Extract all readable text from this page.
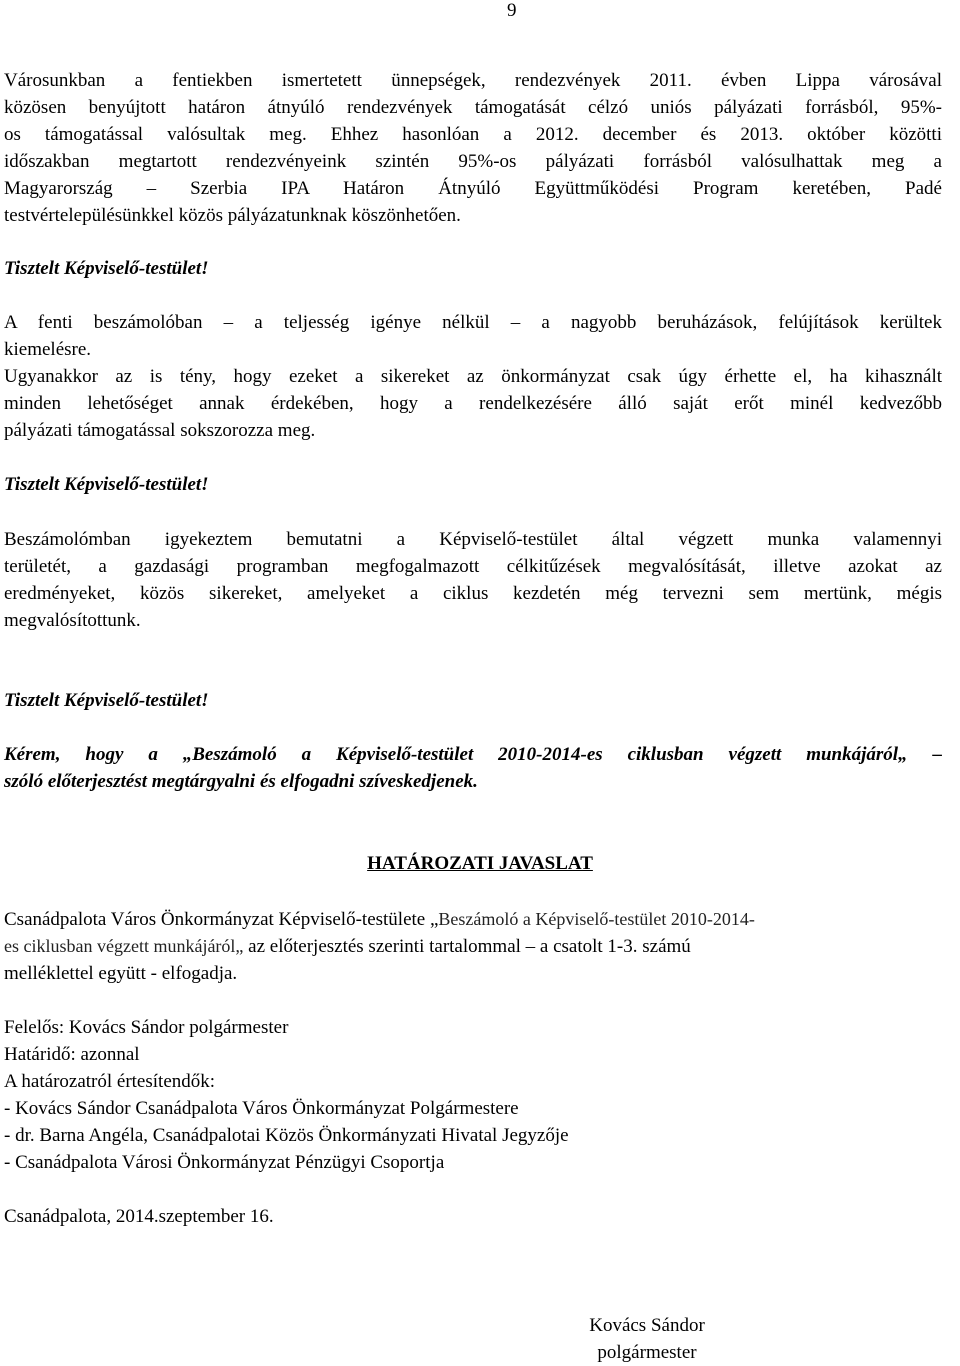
9

Városunkban a fentiekben ismertetett ünnepségek, rendezvények 2011. évben Lippa városával

közösen benyújtott határon átnyúló rendezvények támogatását célzó uniós pályázati forrásból, 95%-

os támogatással valósultak meg. Ehhez hasonlóan a 2012. december és 2013. október közötti

időszakban megtartott rendezvényeink szintén 95%-os pályázati forrásból valósulhattak meg a

Magyarország – Szerbia IPA Határon Átnyúló Együttműködési Program keretében, Padé

testvértelepülésünkkel közös pályázatunknak köszönhetően.

Tisztelt Képviselő-testület!

A fenti beszámolóban – a teljesség igénye nélkül – a nagyobb beruházások, felújítások kerültek

kiemelésre.

Ugyanakkor az is tény, hogy ezeket a sikereket az önkormányzat csak úgy érhette el, ha kihasznált

minden lehetőséget annak érdekében, hogy a rendelkezésére álló saját erőt minél kedvezőbb

pályázati támogatással sokszorozza meg.

Tisztelt Képviselő-testület!

Beszámolómban igyekeztem bemutatni a Képviselő-testület által végzett munka valamennyi

területét, a gazdasági programban megfogalmazott célkitűzések megvalósítását, illetve azokat az

eredményeket, közös sikereket, amelyeket a ciklus kezdetén még tervezni sem mertünk, mégis

megvalósítottunk.

Tisztelt Képviselő-testület!

Kérem, hogy a „Beszámoló a Képviselő-testület 2010-2014-es ciklusban végzett munkájáról„ –

szóló előterjesztést megtárgyalni és elfogadni szíveskedjenek.

HATÁROZATI JAVASLAT

Csanádpalota Város Önkormányzat Képviselő-testülete „Beszámoló a Képviselő-testület 2010-2014-

es ciklusban végzett munkájáról„ az előterjesztés szerinti tartalommal – a csatolt 1-3. számú

melléklettel együtt - elfogadja.

Felelős: Kovács Sándor polgármester

Határidő: azonnal

A határozatról értesítendők:

- Kovács Sándor Csanádpalota Város Önkormányzat Polgármestere

- dr. Barna Angéla, Csanádpalotai Közös Önkormányzati Hivatal Jegyzője

- Csanádpalota Városi Önkormányzat Pénzügyi Csoportja

Csanádpalota, 2014.szeptember 16.

Kovács Sándor
polgármester
